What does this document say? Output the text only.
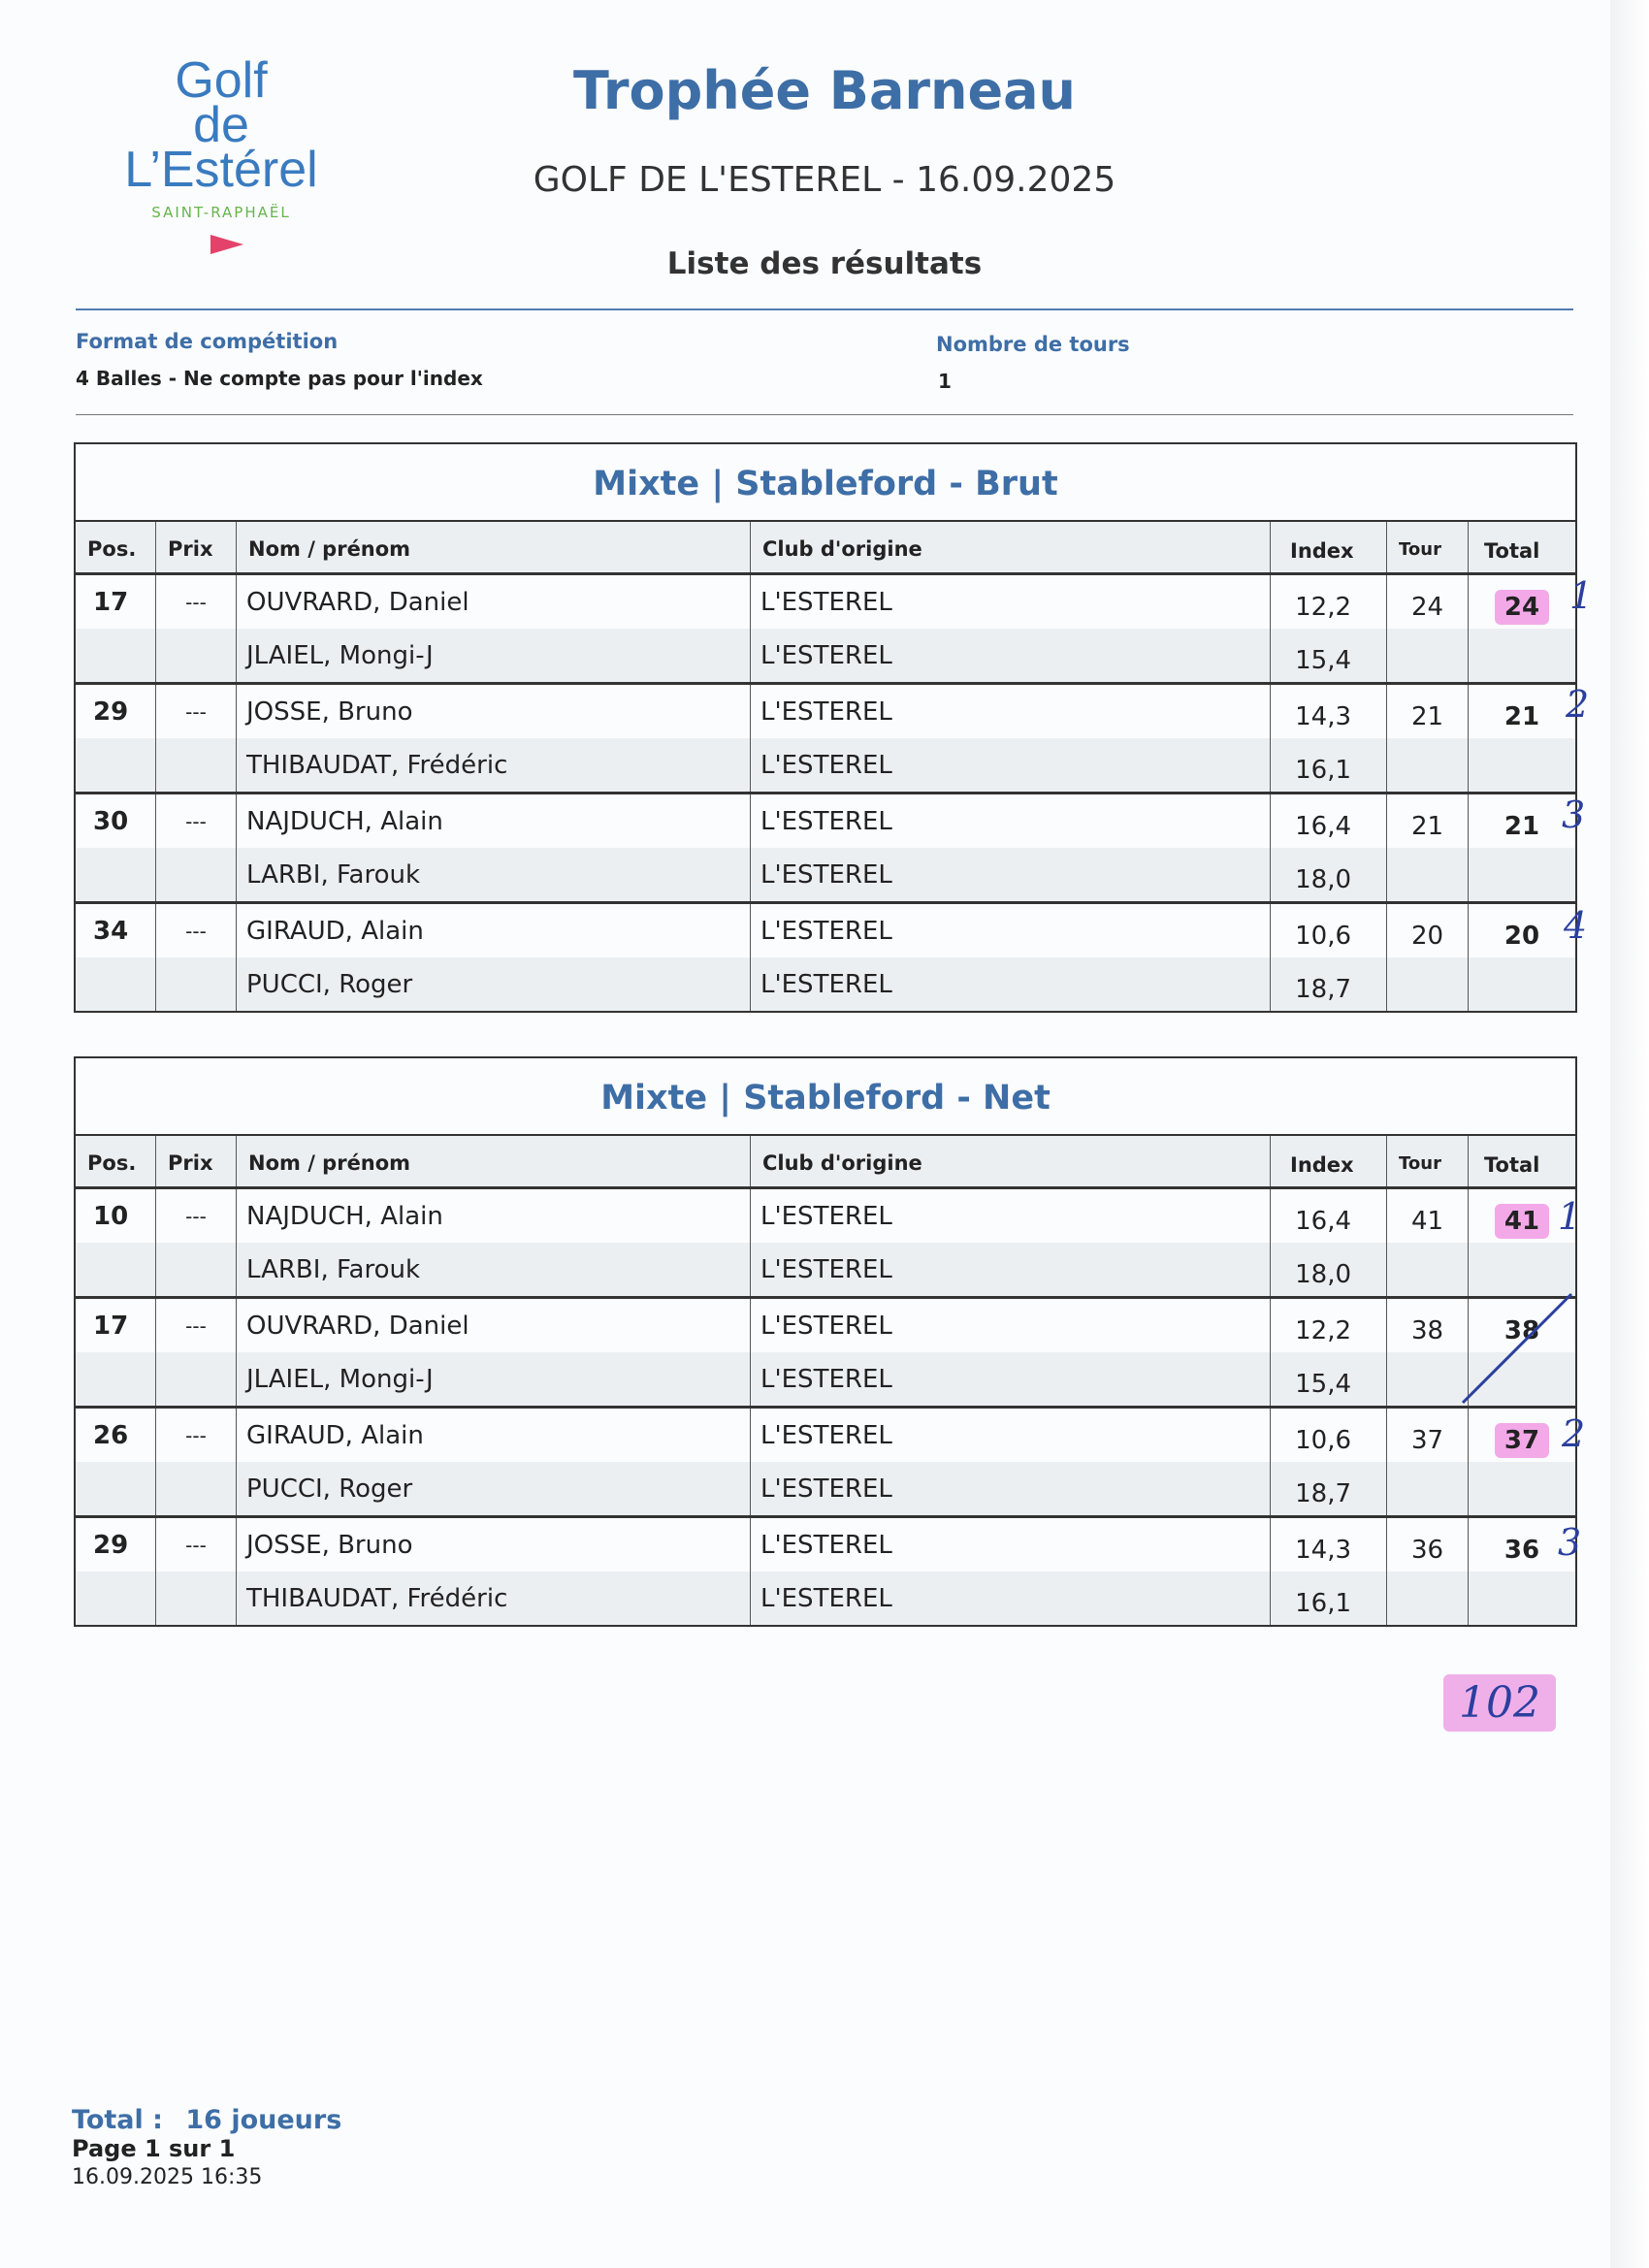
Golf
de
L’Estérel
SAINT-RAPHAËL
Trophée Barneau
GOLF DE L'ESTEREL - 16.09.2025
Liste des résultats
Format de compétition
4 Balles - Ne compte pas pour l'index
Nombre de tours
1
Mixte | Stableford - Brut
Pos.	Prix	Nom / prénom	Club d'origine	Index	Tour	Total
17	---	OUVRARD, Daniel	L'ESTEREL	12,2	24	24
JLAIEL, Mongi-J	L'ESTEREL	15,4
29	---	JOSSE, Bruno	L'ESTEREL	14,3	21	21
THIBAUDAT, Frédéric	L'ESTEREL	16,1
30	---	NAJDUCH, Alain	L'ESTEREL	16,4	21	21
LARBI, Farouk	L'ESTEREL	18,0
34	---	GIRAUD, Alain	L'ESTEREL	10,6	20	20
PUCCI, Roger	L'ESTEREL	18,7
Mixte | Stableford - Net
Pos.	Prix	Nom / prénom	Club d'origine	Index	Tour	Total
10	---	NAJDUCH, Alain	L'ESTEREL	16,4	41	41
LARBI, Farouk	L'ESTEREL	18,0
17	---	OUVRARD, Daniel	L'ESTEREL	12,2	38	38
JLAIEL, Mongi-J	L'ESTEREL	15,4
26	---	GIRAUD, Alain	L'ESTEREL	10,6	37	37
PUCCI, Roger	L'ESTEREL	18,7
29	---	JOSSE, Bruno	L'ESTEREL	14,3	36	36
THIBAUDAT, Frédéric	L'ESTEREL	16,1
1
2
3
4
1
2
3
102
Total : 16 joueurs
Page 1 sur 1
16.09.2025 16:35
